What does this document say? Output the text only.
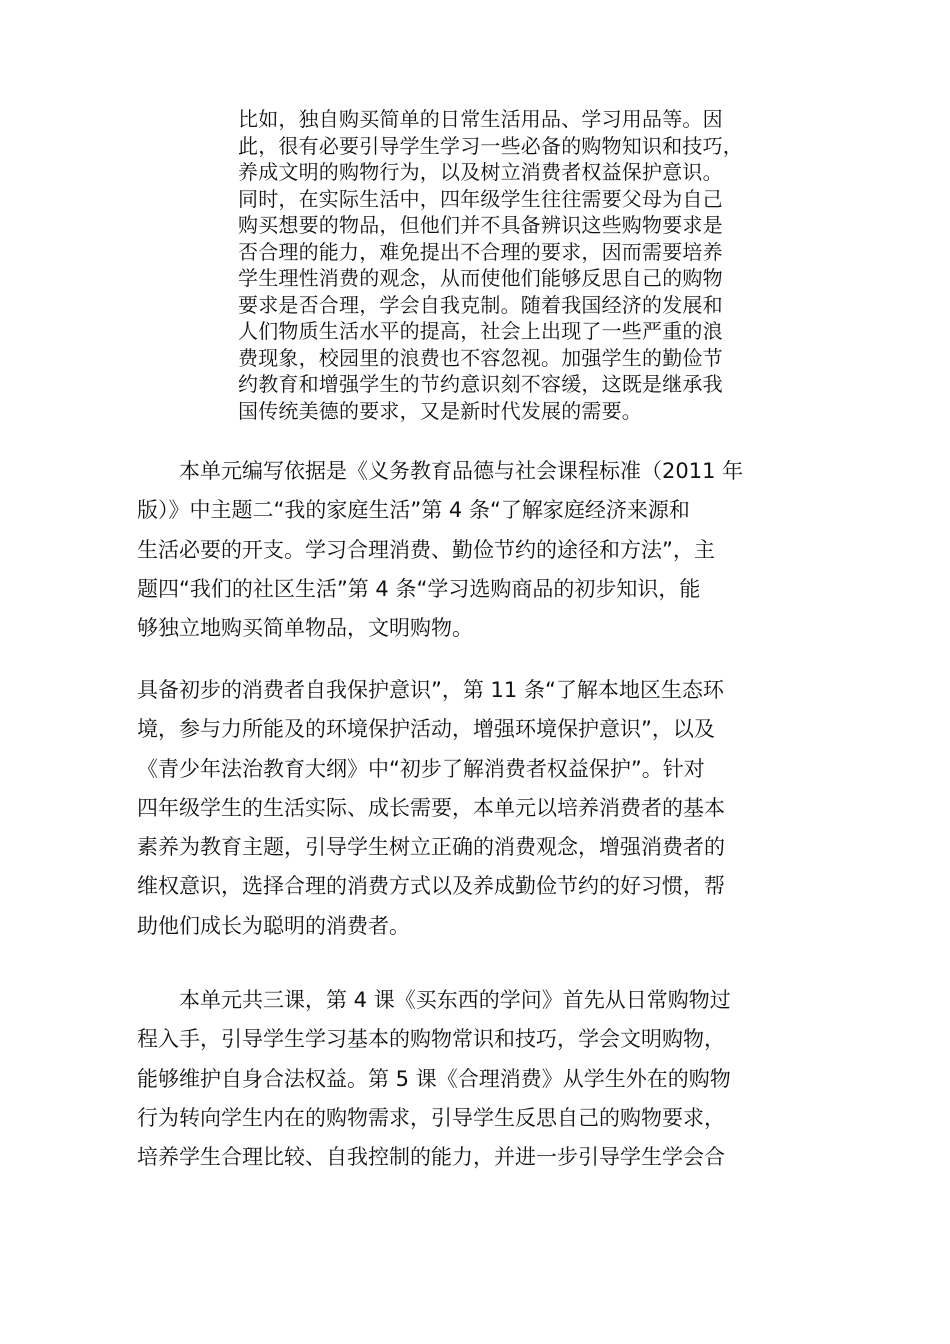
比如，独自购买简单的日常生活用品、学习用品等。因
此，很有必要引导学生学习一些必备的购物知识和技巧，
养成文明的购物行为，以及树立消费者权益保护意识。
同时，在实际生活中，四年级学生往往需要父母为自己
购买想要的物品，但他们并不具备辨识这些购物要求是
否合理的能力，难免提出不合理的要求，因而需要培养
学生理性消费的观念，从而使他们能够反思自己的购物
要求是否合理，学会自我克制。随着我国经济的发展和
人们物质生活水平的提高，社会上出现了一些严重的浪
费现象，校园里的浪费也不容忽视。加强学生的勤俭节
约教育和增强学生的节约意识刻不容缓，这既是继承我
国传统美德的要求，又是新时代发展的需要。
　　本单元编写依据是《义务教育品德与社会课程标准（2011 年
版）》中主题二“我的家庭生活”第 4 条“了解家庭经济来源和
生活必要的开支。学习合理消费、勤俭节约的途径和方法”，主
题四“我们的社区生活”第 4 条“学习选购商品的初步知识，能
够独立地购买简单物品，文明购物。
具备初步的消费者自我保护意识”，第 11 条“了解本地区生态环
境，参与力所能及的环境保护活动，增强环境保护意识”，以及
《青少年法治教育大纲》中“初步了解消费者权益保护”。针对
四年级学生的生活实际、成长需要，本单元以培养消费者的基本
素养为教育主题，引导学生树立正确的消费观念，增强消费者的
维权意识，选择合理的消费方式以及养成勤俭节约的好习惯，帮
助他们成长为聪明的消费者。
　　本单元共三课，第 4 课《买东西的学问》首先从日常购物过
程入手，引导学生学习基本的购物常识和技巧，学会文明购物，
能够维护自身合法权益。第 5 课《合理消费》从学生外在的购物
行为转向学生内在的购物需求，引导学生反思自己的购物要求，
培养学生合理比较、自我控制的能力，并进一步引导学生学会合
